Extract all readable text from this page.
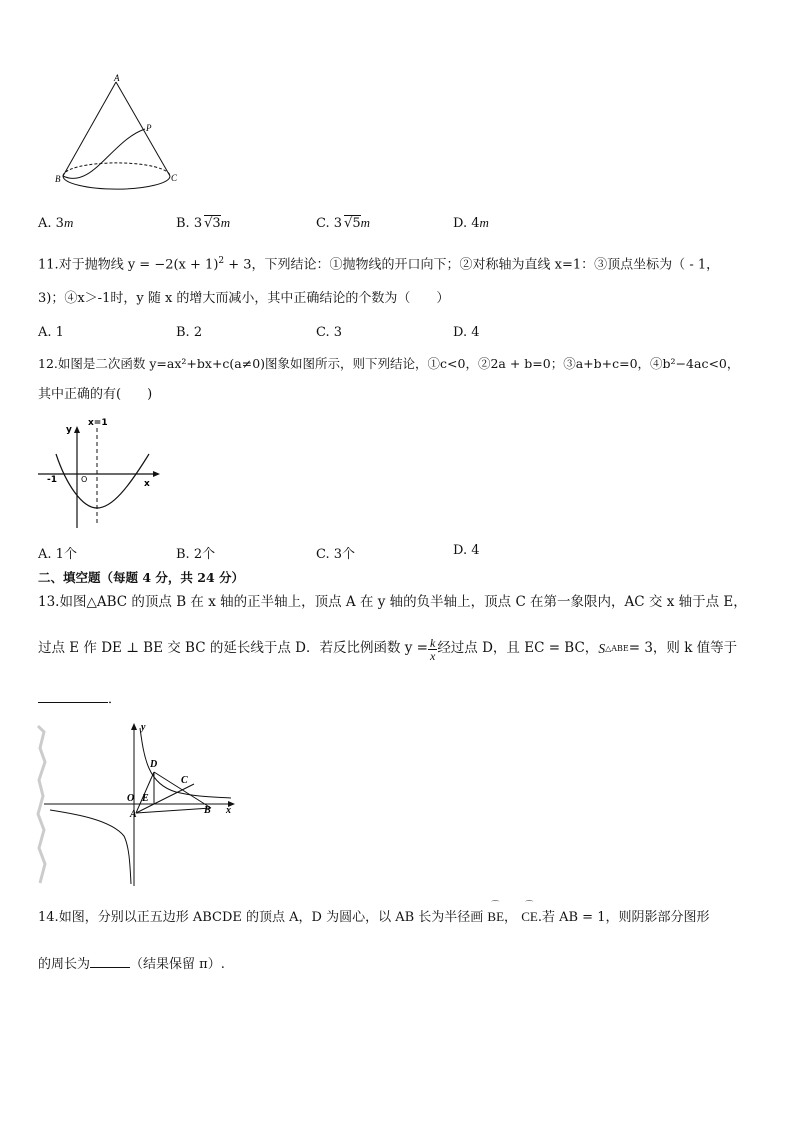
A
P
B	C
A. 3m	B. 3 √3m	C. 3 √5m	D. 4m
11.对于抛物线 $y = -2(x + 1)^2 + 3$，下列结论：①抛物线的开口向下；②对称轴为直线 x=1：③顶点坐标为（ - 1，
3)；④x＞-1时，y 随 x 的增大而减小，其中正确结论的个数为（　　）
A. 1	B. 2	C. 3	D. 4
12.如图是二次函数 y=ax²+bx+c(a≠0)图象如图所示，则下列结论，①c<0，②2a + b=0；③a+b+c=0，④b²−4ac<0，
其中正确的有(　　)
y
x=1
-1	O	x
A. 1个	B. 2个	C. 3个	D. 4
二、填空题（每题 4 分，共 24 分）
13.如图△ABC 的顶点 B 在 x 轴的正半轴上，顶点 A 在 y 轴的负半轴上，顶点 C 在第一象限内，AC 交 x 轴于点 E，
过点 E 作 DE ⊥ BE 交 BC 的延长线于点 D．若反比例函数 $y = \frac{k}{x}$ 经过点 D，且 EC = BC， S △ABE = 3，则 k 值等于
．
y
D
C
O E
A	B x
14.如图，分别以正五边形 ABCDE 的顶点 A，D 为圆心，以 AB 长为半径画
⌒
BE，
⌒
CE.若 AB = 1，则阴影部分图形
的周长为	（结果保留 π）.
